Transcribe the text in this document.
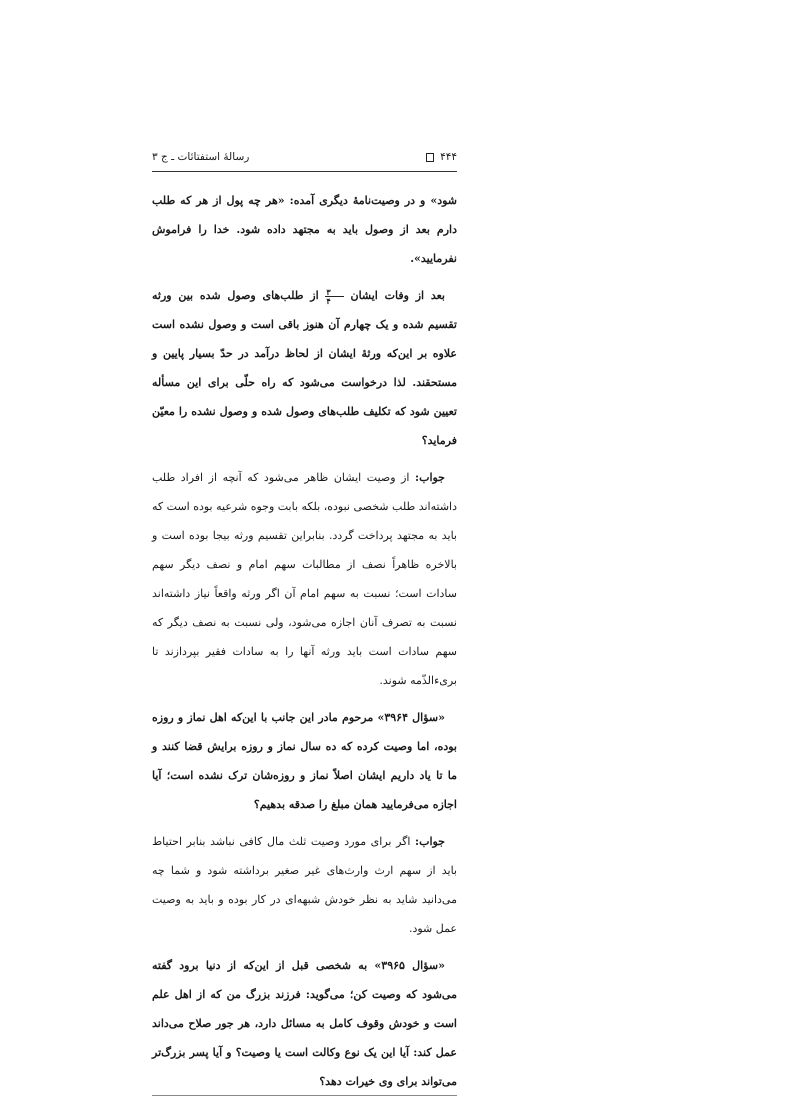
۴۴۴
رسالهٔ استفتائات ـ ج ۳

شود» و در وصیت‌نامهٔ دیگری آمده: «هر چه پول از هر که طلب دارم بعد از وصول باید به مجتهد داده شود. خدا را فراموش نفرمایید».

بعد از وفات ایشان
$\frac{۳}{۴}$
از طلب‌های وصول شده بین ورثه تقسیم شده و یک چهارم آن هنوز باقی است و وصول نشده است علاوه بر این‌که ورثهٔ ایشان از لحاظ درآمد در حدّ بسیار پایین و مستحقند. لذا درخواست می‌شود که راه حلّی برای این مسأله تعیین شود که تکلیف طلب‌های وصول شده و وصول نشده را معیّن فرماید؟

جواب: از وصیت ایشان ظاهر می‌شود که آنچه از افراد طلب داشته‌اند طلب شخصی نبوده، بلکه بابت وجوه شرعیه بوده است که باید به مجتهد پرداخت گردد. بنابراین تقسیم ورثه بیجا بوده است و بالاخره ظاهراً نصف از مطالبات سهم امام و نصف دیگر سهم سادات است؛ نسبت به سهم امام آن اگر ورثه واقعاً نیاز داشته‌اند نسبت به تصرف آنان اجازه می‌شود، ولی نسبت به نصف دیگر که سهم سادات است باید ورثه آنها را به سادات فقیر بپردازند تا بری‌ءالذّمه شوند.

«سؤال ۳۹۶۴» مرحوم مادر این جانب با این‌که اهل نماز و روزه بوده، اما وصیت کرده که ده سال نماز و روزه برایش قضا کنند و ما تا یاد داریم ایشان اصلاً نماز و روزه‌شان ترک نشده است؛ آیا اجازه می‌فرمایید همان مبلغ را صدقه بدهیم؟

جواب: اگر برای مورد وصیت ثلث مال کافی نباشد بنابر احتیاط باید از سهم ارث وارث‌های غیر صغیر برداشته شود و شما چه می‌دانید شاید به نظر خودش شبهه‌ای در کار بوده و باید به وصیت عمل شود.

«سؤال ۳۹۶۵» به شخصی قبل از این‌که از دنیا برود گفته می‌شود که وصیت کن؛ می‌گوید: فرزند بزرگ من که از اهل علم است و خودش وقوف کامل به مسائل دارد، هر جور صلاح می‌داند عمل کند: آیا این یک نوع وکالت است یا وصیت؟ و آیا پسر بزرگ‌تر می‌تواند برای وی خیرات دهد؟
